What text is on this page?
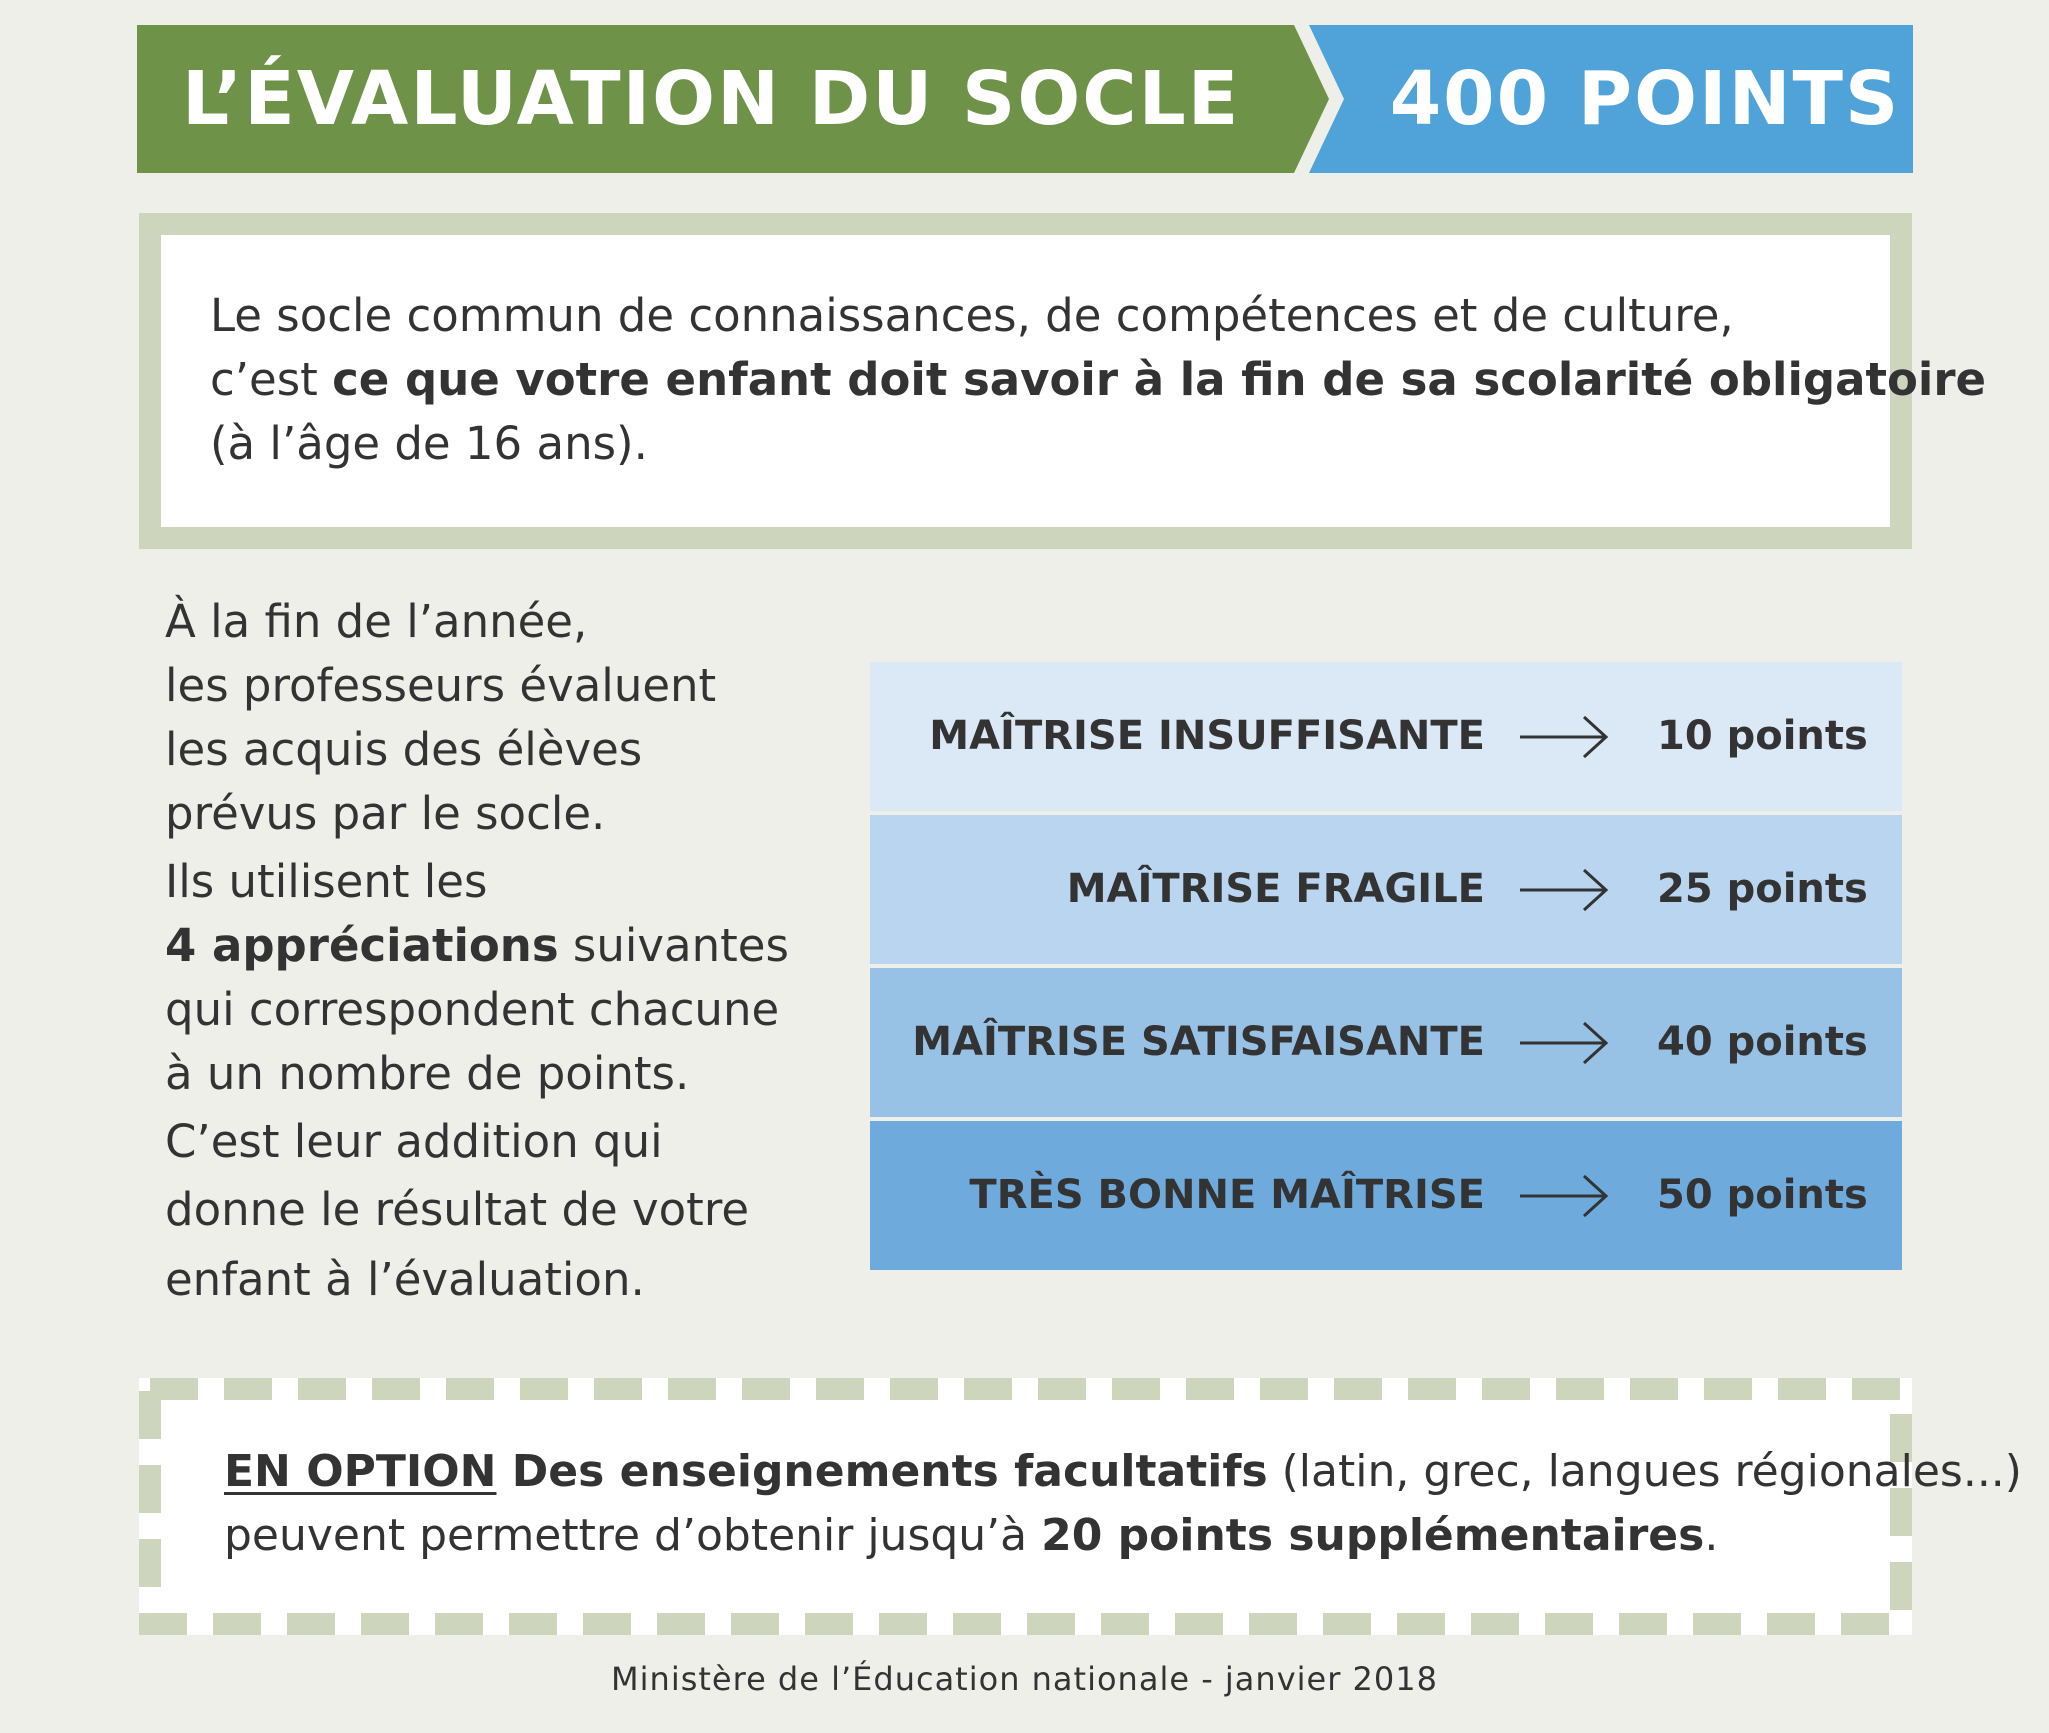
L’ÉVALUATION DU SOCLE 400 POINTS
Le socle commun de connaissances, de compétences et de culture,
c’est ce que votre enfant doit savoir à la fin de sa scolarité obligatoire
(à l’âge de 16 ans).
À la fin de l’année,
les professeurs évaluent
les acquis des élèves
prévus par le socle.
Ils utilisent les
4 appréciations suivantes
qui correspondent chacune
à un nombre de points.
C’est leur addition qui
donne le résultat de votre
enfant à l’évaluation.
MAÎTRISE INSUFFISANTE	10 points
MAÎTRISE FRAGILE	25 points
MAÎTRISE SATISFAISANTE	40 points
TRÈS BONNE MAÎTRISE	50 points
EN OPTION Des enseignements facultatifs (latin, grec, langues régionales...)
peuvent permettre d’obtenir jusqu’à 20 points supplémentaires.
Ministère de l’Éducation nationale - janvier 2018
